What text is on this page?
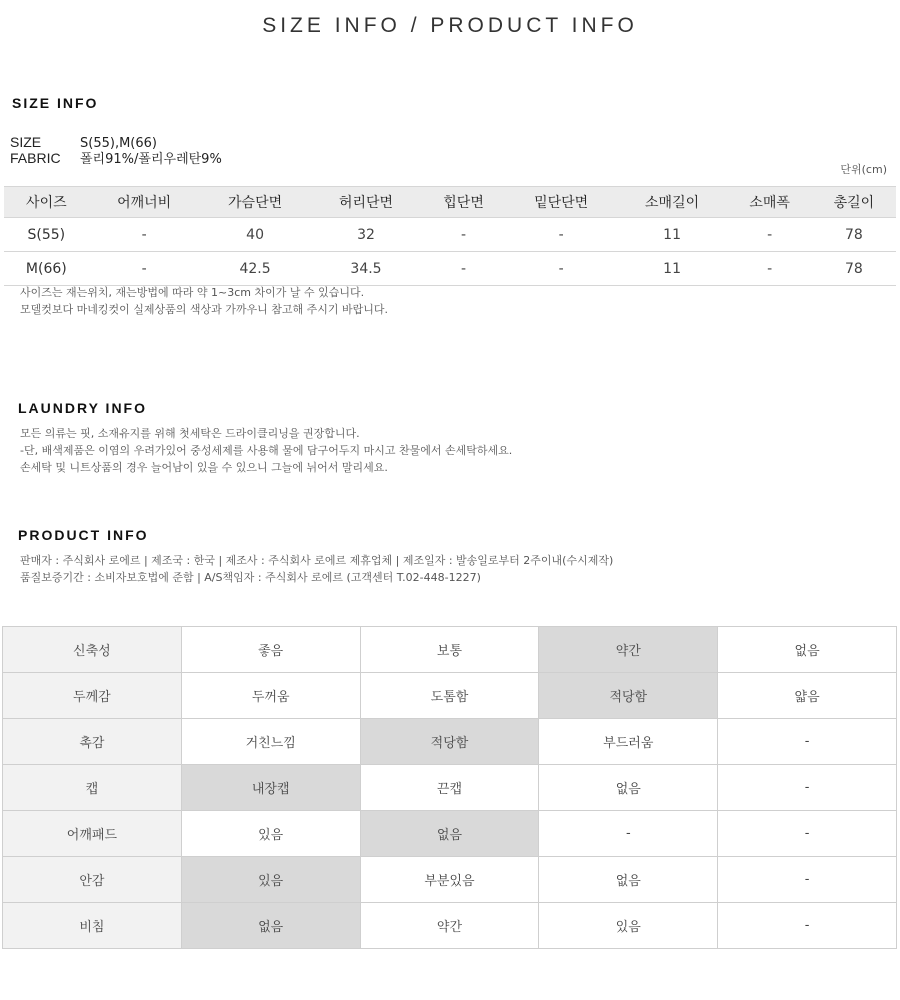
SIZE INFO / PRODUCT INFO
SIZE INFO
SIZE	S(55),M(66)
FABRIC 폴리91%/폴리우레탄9%
단위(cm)
사이즈	어깨너비	가슴단면	허리단면	힙단면	밑단단면	소매길이	소매폭	총길이
S(55)	-	40	32	-	-	11	-	78
M(66)	-	42.5	34.5	-	-	11	-	78
사이즈는 재는위치, 재는방법에 따라 약 1~3cm 차이가 날 수 있습니다.
모델컷보다 마네킹컷이 실제상품의 색상과 가까우니 참고해 주시기 바랍니다.
LAUNDRY INFO
모든 의류는 핏, 소재유지를 위해 첫세탁은 드라이클리닝을 권장합니다.
-단, 배색제품은 이염의 우려가있어 중성세제를 사용해 물에 담구어두지 마시고 찬물에서 손세탁하세요.
손세탁 및 니트상품의 경우 늘어남이 있을 수 있으니 그늘에 뉘어서 말리세요.
PRODUCT INFO
판매자 : 주식회사 로에르 | 제조국 : 한국 | 제조사 : 주식회사 로에르 제휴업체 | 제조일자 : 발송일로부터 2주이내(수시제작)
품질보증기간 : 소비자보호법에 준함 | A/S책임자 : 주식회사 로에르 (고객센터 T.02-448-1227)
신축성	좋음	보통	약간	없음
두께감	두꺼움	도톰함	적당함	얇음
촉감	거친느낌	적당함	부드러움	-
캡	내장캡	끈캡	없음	-
어깨패드	있음	없음	-	-
안감	있음	부분있음	없음	-
비침	없음	약간	있음	-
